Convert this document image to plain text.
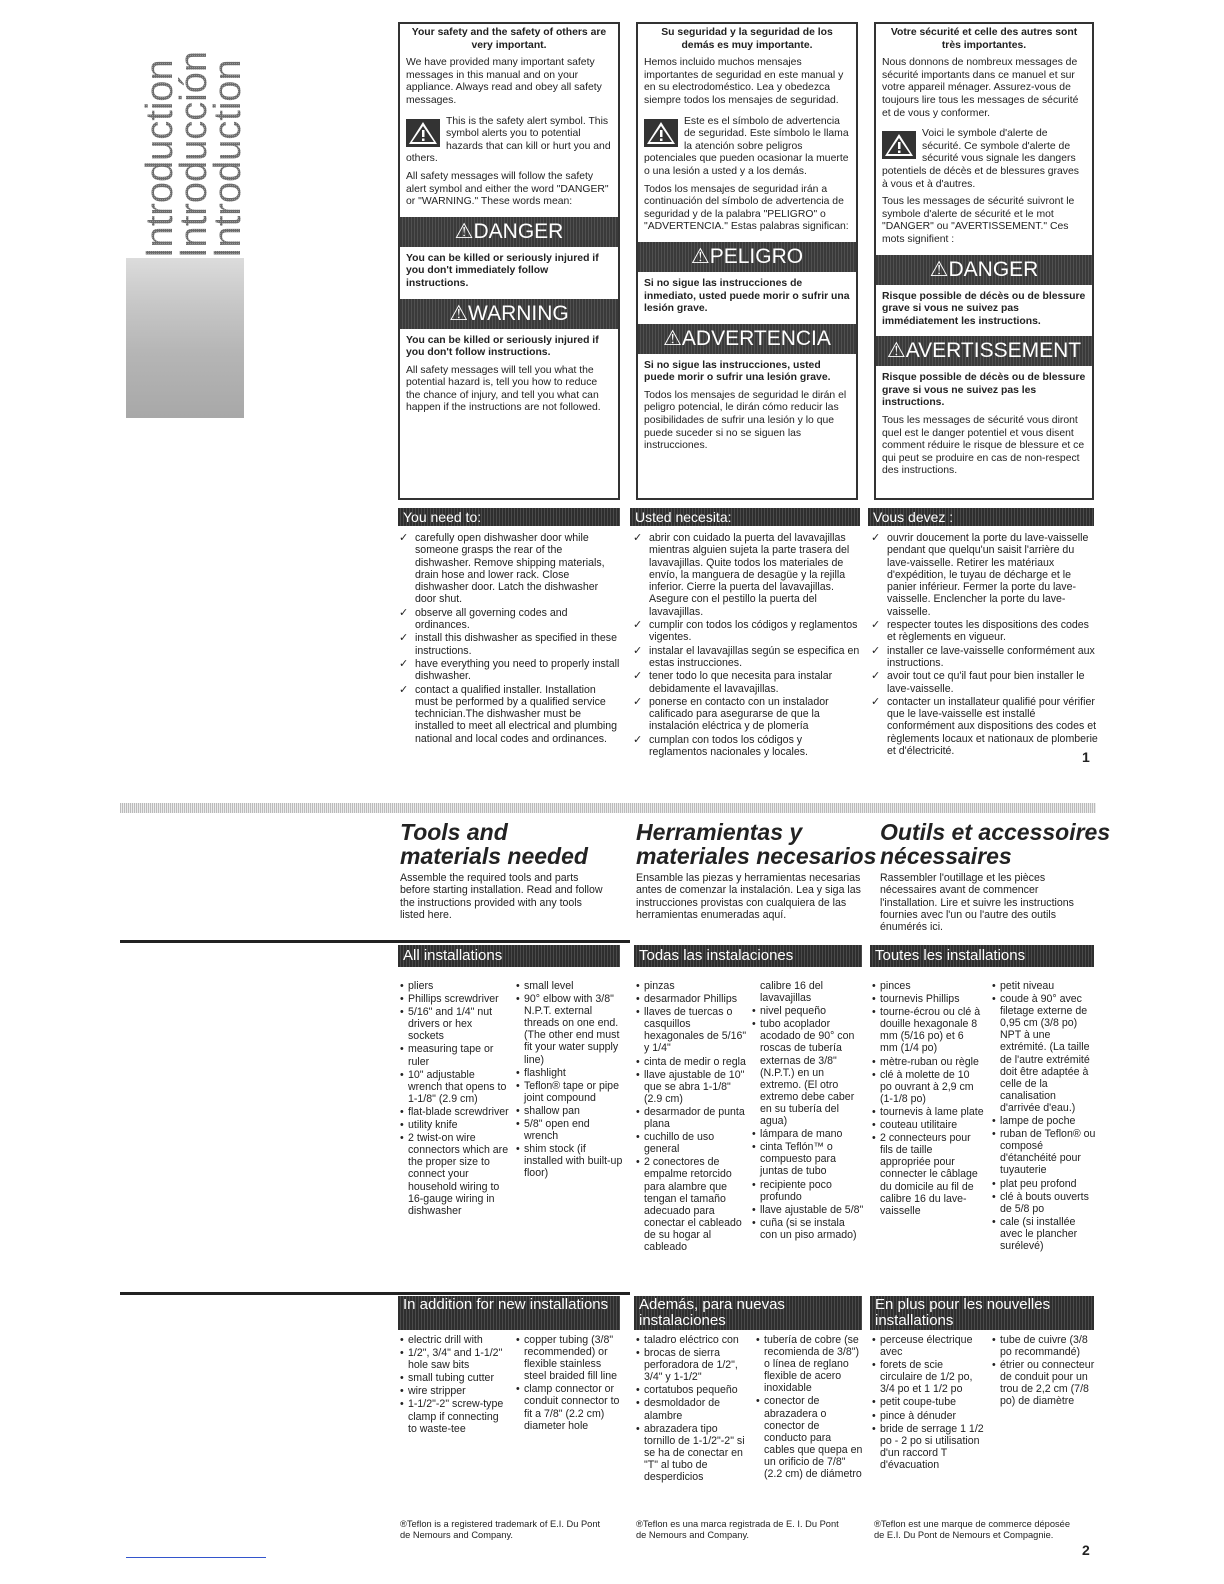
Introduction
Introducción
Introduction
Your safety and the safety of others are very important.

We have provided many important safety messages in this manual and on your appliance. Always read and obey all safety messages.

This is the safety alert symbol. This symbol alerts you to potential hazards that can kill or hurt you and others.

All safety messages will follow the safety alert symbol and either the word "DANGER" or "WARNING." These words mean:

⚠DANGER
You can be killed or seriously injured if you don't immediately follow instructions.
⚠WARNING
You can be killed or seriously injured if you don't follow instructions.

All safety messages will tell you what the potential hazard is, tell you how to reduce the chance of injury, and tell you what can happen if the instructions are not followed.

Su seguridad y la seguridad de los demás es muy importante.

Hemos incluido muchos mensajes importantes de seguridad en este manual y en su electrodoméstico. Lea y obedezca siempre todos los mensajes de seguridad.

Este es el símbolo de advertencia de seguridad. Este símbolo le llama la atención sobre peligros potenciales que pueden ocasionar la muerte o una lesión a usted y a los demás.

Todos los mensajes de seguridad irán a continuación del símbolo de advertencia de seguridad y de la palabra "PELIGRO" o "ADVERTENCIA." Estas palabras significan:

⚠PELIGRO
Si no sigue las instrucciones de inmediato, usted puede morir o sufrir una lesión grave.
⚠ADVERTENCIA
Si no sigue las instrucciones, usted puede morir o sufrir una lesión grave.

Todos los mensajes de seguridad le dirán el peligro potencial, le dirán cómo reducir las posibilidades de sufrir una lesión y lo que puede suceder si no se siguen las instrucciones.

Votre sécurité et celle des autres sont très importantes.

Nous donnons de nombreux messages de sécurité importants dans ce manuel et sur votre appareil ménager. Assurez-vous de toujours lire tous les messages de sécurité et de vous y conformer.

Voici le symbole d'alerte de sécurité. Ce symbole d'alerte de sécurité vous signale les dangers potentiels de décès et de blessures graves à vous et à d'autres.

Tous les messages de sécurité suivront le symbole d'alerte de sécurité et le mot "DANGER" ou "AVERTISSEMENT." Ces mots signifient :

⚠DANGER
Risque possible de décès ou de blessure grave si vous ne suivez pas immédiatement les instructions.
⚠AVERTISSEMENT
Risque possible de décès ou de blessure grave si vous ne suivez pas les instructions.

Tous les messages de sécurité vous diront quel est le danger potentiel et vous disent comment réduire le risque de blessure et ce qui peut se produire en cas de non-respect des instructions.

You need to:	Usted necesita:	Vous devez :
✓ carefully open dishwasher door while someone grasps the rear of the dishwasher. Remove shipping materials, drain hose and lower rack. Close dishwasher door. Latch the dishwasher door shut.
✓ observe all governing codes and ordinances.
✓ install this dishwasher as specified in these instructions.
✓ have everything you need to properly install dishwasher.
✓ contact a qualified installer. Installation must be performed by a qualified service technician.The dishwasher must be installed to meet all electrical and plumbing national and local codes and ordinances.
✓ abrir con cuidado la puerta del lavavajillas mientras alguien sujeta la parte trasera del lavavajillas. Quite todos los materiales de envío, la manguera de desagüe y la rejilla inferior. Cierre la puerta del lavavajillas. Asegure con el pestillo la puerta del lavavajillas.
✓ cumplir con todos los códigos y reglamentos vigentes.
✓ instalar el lavavajillas según se especifica en estas instrucciones.
✓ tener todo lo que necesita para instalar debidamente el lavavajillas.
✓ ponerse en contacto con un instalador calificado para asegurarse de que la instalación eléctrica y de plomería
✓ cumplan con todos los códigos y reglamentos nacionales y locales.
✓ ouvrir doucement la porte du lave-vaisselle pendant que quelqu'un saisit l'arrière du lave-vaisselle. Retirer les matériaux d'expédition, le tuyau de décharge et le panier inférieur. Fermer la porte du lave-vaisselle. Enclencher la porte du lave-vaisselle.
✓ respecter toutes les dispositions des codes et règlements en vigueur.
✓ installer ce lave-vaisselle conformément aux instructions.
✓ avoir tout ce qu'il faut pour bien installer le lave-vaisselle.
✓ contacter un installateur qualifié pour vérifier que le lave-vaisselle est installé conformément aux dispositions des codes et règlements locaux et nationaux de plomberie et d'électricité.	1
Tools and
materials needed
Herramientas y
materiales necesarios
Outils et accessoires
nécessaires
Assemble the required tools and parts before starting installation. Read and follow the instructions provided with any tools listed here.
Ensamble las piezas y herramientas necesarias antes de comenzar la instalación. Lea y siga las instrucciones provistas con cualquiera de las herramientas enumeradas aquí.
Rassembler l'outillage et les pièces nécessaires avant de commencer l'installation. Lire et suivre les instructions fournies avec l'un ou l'autre des outils énumérés ici.
All installations	Todas las instalaciones	Toutes les installations
• pliers
• Phillips screwdriver
• 5/16" and 1/4" nut drivers or hex sockets
• measuring tape or ruler
• 10" adjustable wrench that opens to 1-1/8" (2.9 cm)
• flat-blade screwdriver
• utility knife
• 2 twist-on wire connectors which are the proper size to connect your household wiring to 16-gauge wiring in dishwasher
• small level
• 90° elbow with 3/8" N.P.T. external threads on one end. (The other end must fit your water supply line)
• flashlight
• Teflon® tape or pipe joint compound
• shallow pan
• 5/8" open end wrench
• shim stock (if installed with built-up floor)
• pinzas
• desarmador Phillips
• llaves de tuercas o casquillos hexagonales de 5/16" y 1/4"
• cinta de medir o regla
• llave ajustable de 10" que se abra 1-1/8" (2.9 cm)
• desarmador de punta plana
• cuchillo de uso general
• 2 conectores de empalme retorcido para alambre que tengan el tamaño adecuado para conectar el cableado de su hogar al cableado
calibre 16 del lavavajillas
• nivel pequeño
• tubo acoplador acodado de 90° con roscas de tubería externas de 3/8" (N.P.T.) en un extremo. (El otro extremo debe caber en su tubería del agua)
• lámpara de mano
• cinta Teflón™ o compuesto para juntas de tubo
• recipiente poco profundo
• llave ajustable de 5/8"
• cuña (si se instala con un piso armado)
• pinces
• tournevis Phillips
• tourne-écrou ou clé à douille hexagonale 8 mm (5/16 po) et 6 mm (1/4 po)
• mètre-ruban ou règle
• clé à molette de 10 po ouvrant à 2,9 cm (1-1/8 po)
• tournevis à lame plate
• couteau utilitaire
• 2 connecteurs pour fils de taille appropriée pour connecter le câblage du domicile au fil de calibre 16 du lave-vaisselle
• petit niveau
• coude à 90° avec filetage externe de 0,95 cm (3/8 po) NPT à une extrémité. (La taille de l'autre extrémité doit être adaptée à celle de la canalisation d'arrivée d'eau.)
• lampe de poche
• ruban de Teflon® ou composé d'étanchéité pour tuyauterie
• plat peu profond
• clé à bouts ouverts de 5/8 po
• cale (si installée avec le plancher surélevé)
In addition for new installations	Además, para nuevas instalaciones
En plus pour les nouvelles installations
• electric drill with
• 1/2", 3/4" and 1-1/2" hole saw bits
• small tubing cutter
• wire stripper
• 1-1/2"-2" screw-type clamp if connecting to waste-tee
• copper tubing (3/8" recommended) or flexible stainless steel braided fill line
• clamp connector or conduit connector to fit a 7/8" (2.2 cm) diameter hole
• taladro eléctrico con
• brocas de sierra perforadora de 1/2", 3/4" y 1-1/2"
• cortatubos pequeño
• desmoldador de alambre
• abrazadera tipo tornillo de 1-1/2"-2" si se ha de conectar en "T" al tubo de desperdicios
• tubería de cobre (se recomienda de 3/8") o línea de reglano flexible de acero inoxidable
• conector de abrazadera o conector de conducto para cables que quepa en un orificio de 7/8" (2.2 cm) de diámetro
• perceuse électrique avec
• forets de scie circulaire de 1/2 po, 3/4 po et 1 1/2 po
• petit coupe-tube
• pince à dénuder
• bride de serrage 1 1/2 po - 2 po si utilisation d'un raccord T d'évacuation
• tube de cuivre (3/8 po recommandé)
• étrier ou connecteur de conduit pour un trou de 2,2 cm (7/8 po) de diamètre
®Teflon is a registered trademark of E.I. Du Pont de Nemours and Company.
®Teflon es una marca registrada de E. I. Du Pont de Nemours and Company.
®Teflon est une marque de commerce déposée de E.I. Du Pont de Nemours et Compagnie.
2
